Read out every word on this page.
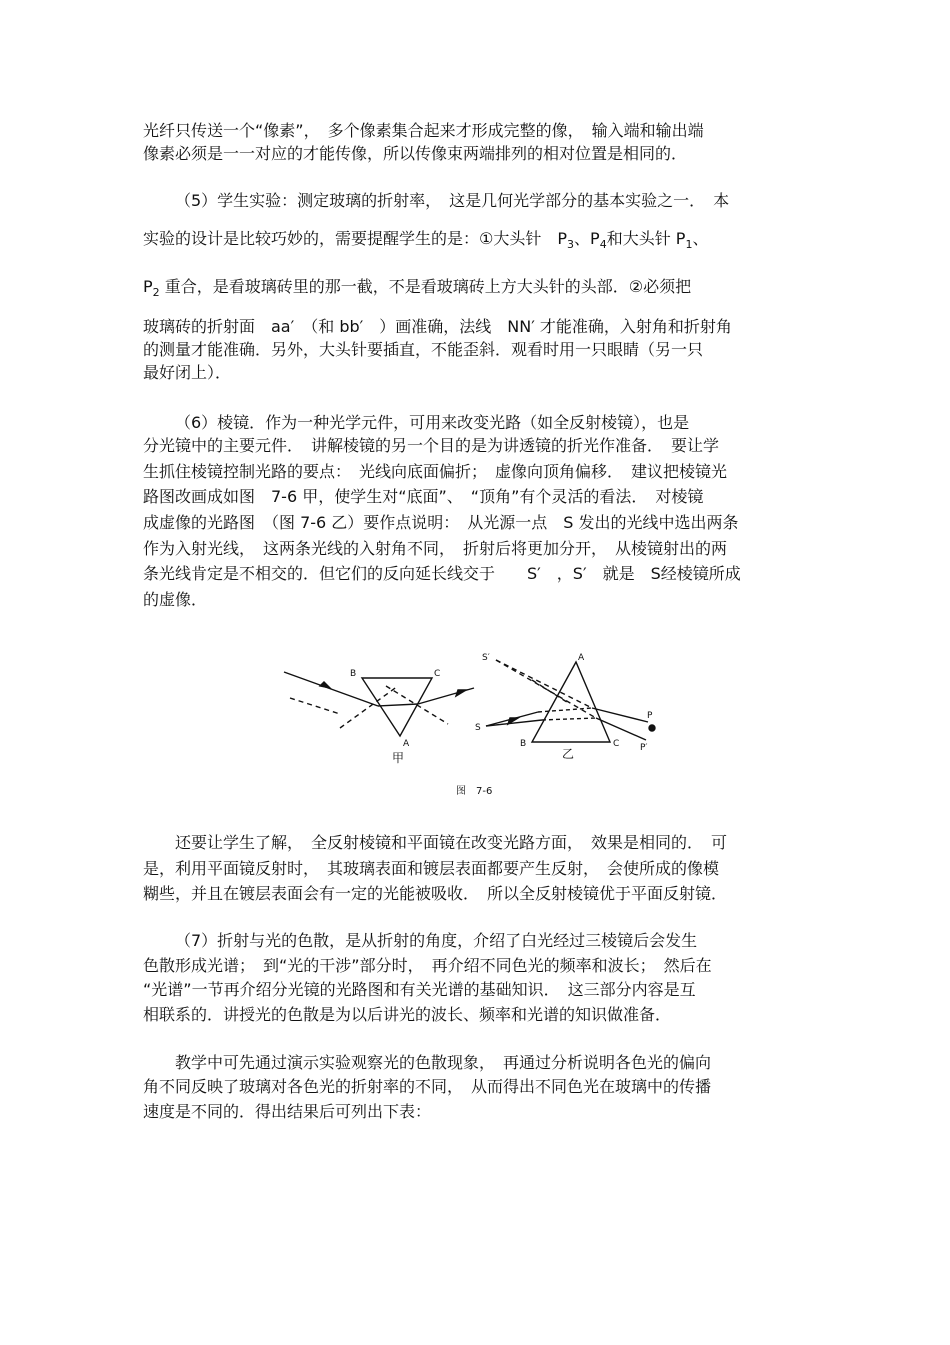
光纤只传送一个“像素”，　多个像素集合起来才形成完整的像，　输入端和输出端
像素必须是一一对应的才能传像，所以传像束两端排列的相对位置是相同的．
（5）学生实验：测定玻璃的折射率，　这是几何光学部分的基本实验之一．　本
实验的设计是比较巧妙的，需要提醒学生的是：①大头针　$P_3$、$P_4$和大头针 $P_1$、
$P_2$ 重合，是看玻璃砖里的那一截，不是看玻璃砖上方大头针的头部．②必须把
玻璃砖的折射面　aa′　（和 bb′　）画准确，法线　NN′ 才能准确，入射角和折射角
的测量才能准确．另外，大头针要插直，不能歪斜．观看时用一只眼睛（另一只
最好闭上）．
（6）棱镜．作为一种光学元件，可用来改变光路（如全反射棱镜），也是
分光镜中的主要元件．　讲解棱镜的另一个目的是为讲透镜的折光作准备．　要让学
生抓住棱镜控制光路的要点：　光线向底面偏折；　虚像向顶角偏移．　建议把棱镜光
路图改画成如图　7-6 甲，使学生对“底面”、　“顶角”有个灵活的看法．　对棱镜
成虚像的光路图　（图 7-6 乙）要作点说明：　从光源一点　S 发出的光线中选出两条
作为入射光线，　这两条光线的入射角不同，　折射后将更加分开，　从棱镜射出的两
条光线肯定是不相交的．但它们的反向延长线交于　　S′　，S′　就是　S经棱镜所成
的虚像．
B	C
A
甲
S′	A
S
B	C
P
P′
乙
图　7-6
还要让学生了解，　全反射棱镜和平面镜在改变光路方面，　效果是相同的．　可
是，利用平面镜反射时，　其玻璃表面和镀层表面都要产生反射，　会使所成的像模
糊些，并且在镀层表面会有一定的光能被吸收．　所以全反射棱镜优于平面反射镜．
（7）折射与光的色散，是从折射的角度，介绍了白光经过三棱镜后会发生
色散形成光谱；　到“光的干涉”部分时，　再介绍不同色光的频率和波长；　然后在
“光谱”一节再介绍分光镜的光路图和有关光谱的基础知识．　这三部分内容是互
相联系的．讲授光的色散是为以后讲光的波长、频率和光谱的知识做准备．
教学中可先通过演示实验观察光的色散现象，　再通过分析说明各色光的偏向
角不同反映了玻璃对各色光的折射率的不同，　从而得出不同色光在玻璃中的传播
速度是不同的．得出结果后可列出下表：
